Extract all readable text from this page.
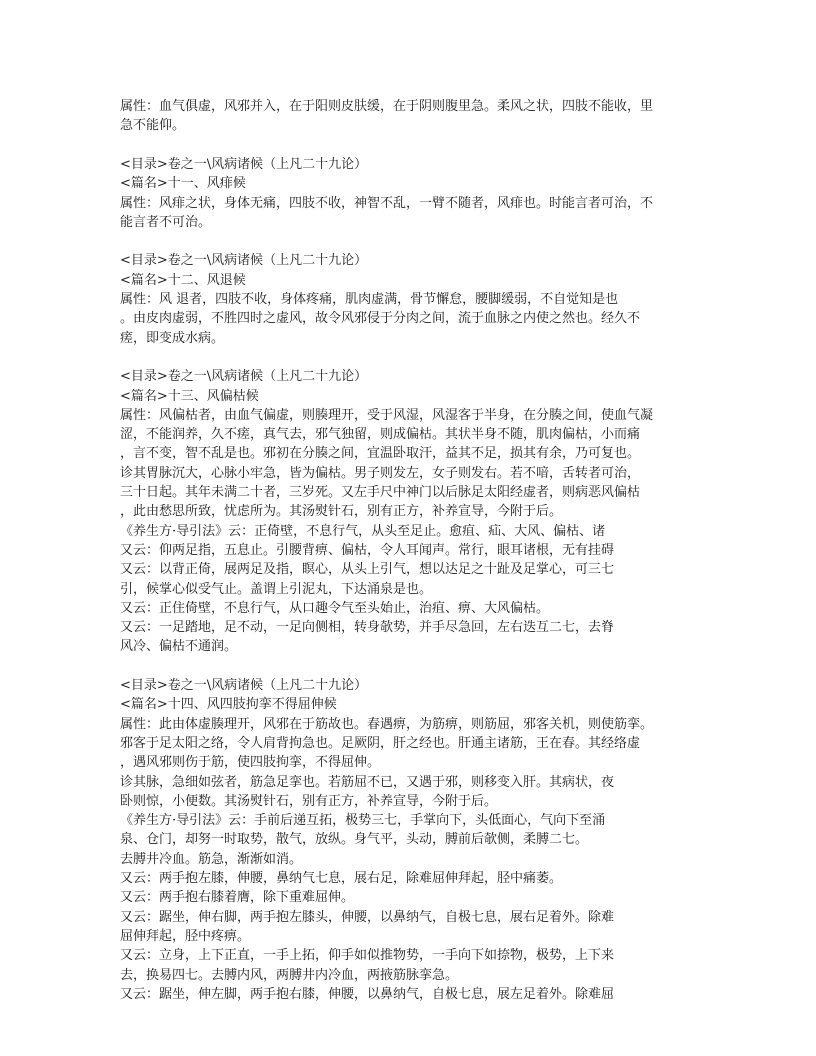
属性：血气俱虚，风邪并入，在于阳则皮肤缓，在于阴则腹里急。柔风之状，四肢不能收，里
急不能仰。
<目录>卷之一\风病诸候（上凡二十九论）
<篇名>十一、风痱候
属性：风痱之状，身体无痛，四肢不收，神智不乱，一臂不随者，风痱也。时能言者可治，不
能言者不可治。
<目录>卷之一\风病诸候（上凡二十九论）
<篇名>十二、风退候
属性：风 退者，四肢不收，身体疼痛，肌肉虚满，骨节懈怠，腰脚缓弱，不自觉知是也
。由皮肉虚弱，不胜四时之虚风，故令风邪侵于分肉之间，流于血脉之内使之然也。经久不
瘥，即变成水病。
<目录>卷之一\风病诸候（上凡二十九论）
<篇名>十三、风偏枯候
属性：风偏枯者，由血气偏虚，则腠理开，受于风湿，风湿客于半身，在分腠之间，使血气凝
涩，不能润养，久不瘥，真气去，邪气独留，则成偏枯。其状半身不随，肌肉偏枯，小而痛
，言不变，智不乱是也。邪初在分腠之间，宜温卧取汗，益其不足，损其有余，乃可复也。
诊其胃脉沉大，心脉小牢急，皆为偏枯。男子则发左，女子则发右。若不喑，舌转者可治，
三十日起。其年未满二十者，三岁死。又左手尺中神门以后脉足太阳经虚者，则病恶风偏枯
，此由愁思所致，忧虑所为。其汤熨针石，别有正方，补养宣导，今附于后。
《养生方·导引法》云：正倚壁，不息行气，从头至足止。愈疽、疝、大风、偏枯、诸
又云：仰两足指，五息止。引腰背痹、偏枯，令人耳闻声。常行，眼耳诸根，无有挂碍
又云：以背正倚，展两足及指，瞑心，从头上引气，想以达足之十趾及足掌心，可三七
引，候掌心似受气止。盖谓上引泥丸，下达涌泉是也。
又云：正住倚壁，不息行气，从口趣令气至头始止，治疽、痹、大风偏枯。
又云：一足踏地，足不动，一足向侧相，转身欹势，并手尽急回，左右迭互二七，去脊
风冷、偏枯不通润。
<目录>卷之一\风病诸候（上凡二十九论）
<篇名>十四、风四肢拘挛不得屈伸候
属性：此由体虚腠理开，风邪在于筋故也。春遇痹，为筋痹，则筋屈，邪客关机，则使筋挛。
邪客于足太阳之络，令人肩背拘急也。足厥阴，肝之经也。肝通主诸筋，王在春。其经络虚
，遇风邪则伤于筋，使四肢拘挛，不得屈伸。
诊其脉，急细如弦者，筋急足挛也。若筋屈不已，又遇于邪，则移变入肝。其病状，夜
卧则惊，小便数。其汤熨针石，别有正方，补养宣导，今附于后。
《养生方·导引法》云：手前后递互拓，极势三七，手掌向下，头低面心，气向下至涌
泉、仓门，却努一时取势，散气，放纵。身气平，头动，膊前后欹侧，柔膊二七。
去膊井冷血。筋急，渐渐如消。
又云：两手抱左膝，伸腰，鼻纳气七息，展右足，除难屈伸拜起，胫中痛萎。
又云：两手抱右膝着膺，除下重难屈伸。
又云：踞坐，伸右脚，两手抱左膝头，伸腰，以鼻纳气，自极七息，展右足着外。除难
屈伸拜起，胫中疼痹。
又云：立身，上下正直，一手上拓，仰手如似推物势，一手向下如捺物，极势，上下来
去，换易四七。去膊内风，两膊井内冷血，两掖筋脉挛急。
又云：踞坐，伸左脚，两手抱右膝，伸腰，以鼻纳气，自极七息，展左足着外。除难屈
